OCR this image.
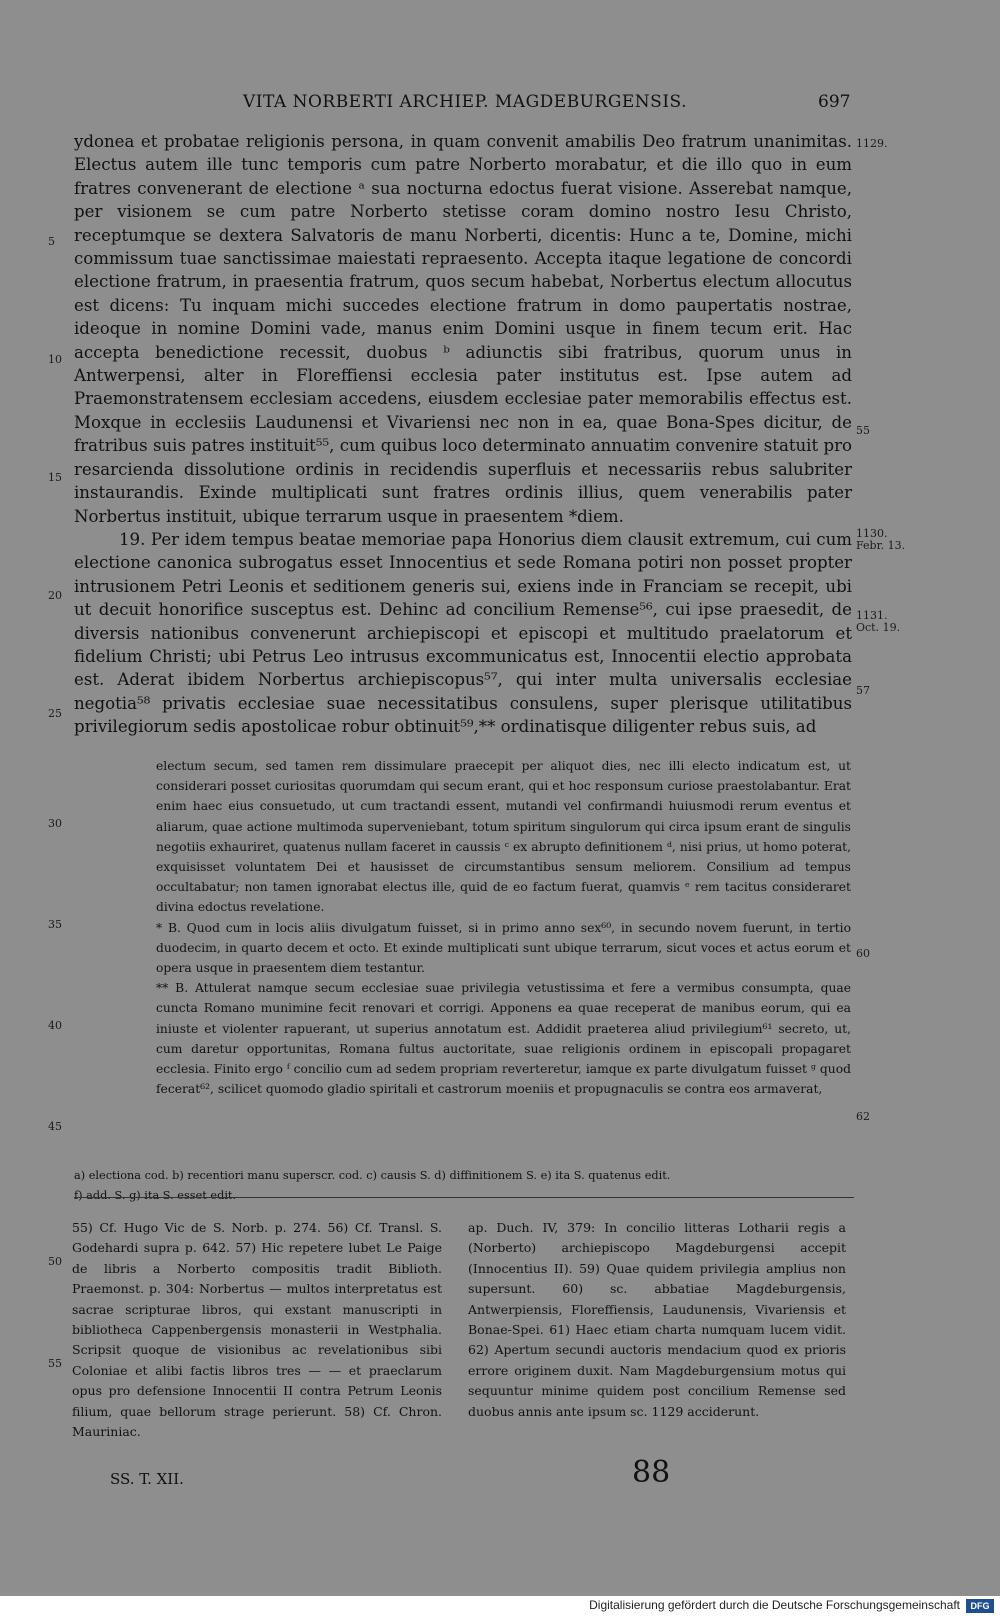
VITA NORBERTI ARCHIEP. MAGDEBURGENSIS.	697

ydonea et probatae religionis persona, in quam convenit amabilis Deo fratrum unanimitas. Electus autem ille tunc temporis cum patre Norberto morabatur, et die illo quo in eum fratres convenerant de electione ᵃ sua nocturna edoctus fuerat visione. Asserebat namque, per visionem se cum patre Norberto stetisse coram domino nostro Iesu Christo, receptumque se dextera Salvatoris de manu Norberti, dicentis: Hunc a te, Domine, michi commissum tuae sanctissimae maiestati repraesento. Accepta itaque legatione de concordi electione fratrum, in praesentia fratrum, quos secum habebat, Norbertus electum allocutus est dicens: Tu inquam michi succedes electione fratrum in domo paupertatis nostrae, ideoque in nomine Domini vade, manus enim Domini usque in finem tecum erit. Hac accepta benedictione recessit, duobus ᵇ adiunctis sibi fratribus, quorum unus in Antwerpensi, alter in Floreffiensi ecclesia pater institutus est. Ipse autem ad Praemonstratensem ecclesiam accedens, eiusdem ecclesiae pater memorabilis effectus est. Moxque in ecclesiis Laudunensi et Vivariensi nec non in ea, quae Bona-Spes dicitur, de fratribus suis patres instituit⁵⁵, cum quibus loco determinato annuatim convenire statuit pro resarcienda dissolutione ordinis in recidendis superfluis et necessariis rebus salubriter instaurandis. Exinde multiplicati sunt fratres ordinis illius, quem venerabilis pater Norbertus instituit, ubique terrarum usque in praesentem *diem.

19. Per idem tempus beatae memoriae papa Honorius diem clausit extremum, cui cum electione canonica subrogatus esset Innocentius et sede Romana potiri non posset propter intrusionem Petri Leonis et seditionem generis sui, exiens inde in Franciam se recepit, ubi ut decuit honorifice susceptus est. Dehinc ad concilium Remense⁵⁶, cui ipse praesedit, de diversis nationibus convenerunt archiepiscopi et episcopi et multitudo praelatorum et fidelium Christi; ubi Petrus Leo intrusus excommunicatus est, Innocentii electio approbata est. Aderat ibidem Norbertus archiepiscopus⁵⁷, qui inter multa universalis ecclesiae negotia⁵⁸ privatis ecclesiae suae necessitatibus consulens, super plerisque utilitatibus privilegiorum sedis apostolicae robur obtinuit⁵⁹,** ordinatisque diligenter rebus suis, ad

1129.
1130.
Febr. 13.
1131.
Oct. 19.
5
10
15
20
25
30
35
40
45
50
55
55
57
60
62

electum secum, sed tamen rem dissimulare praecepit per aliquot dies, nec illi electo indicatum est, ut considerari posset curiositas quorumdam qui secum erant, qui et hoc responsum curiose praestolabantur. Erat enim haec eius consuetudo, ut cum tractandi essent, mutandi vel confirmandi huiusmodi rerum eventus et aliarum, quae actione multimoda superveniebant, totum spiritum singulorum qui circa ipsum erant de singulis negotiis exhauriret, quatenus nullam faceret in caussis ᶜ ex abrupto definitionem ᵈ, nisi prius, ut homo poterat, exquisisset voluntatem Dei et hausisset de circumstantibus sensum meliorem. Consilium ad tempus occultabatur; non tamen ignorabat electus ille, quid de eo factum fuerat, quamvis ᵉ rem tacitus consideraret divina edoctus revelatione.

* B. Quod cum in locis aliis divulgatum fuisset, si in primo anno sex⁶⁰, in secundo novem fuerunt, in tertio duodecim, in quarto decem et octo. Et exinde multiplicati sunt ubique terrarum, sicut voces et actus eorum et opera usque in praesentem diem testantur.

** B. Attulerat namque secum ecclesiae suae privilegia vetustissima et fere a vermibus consumpta, quae cuncta Romano munimine fecit renovari et corrigi. Apponens ea quae receperat de manibus eorum, qui ea iniuste et violenter rapuerant, ut superius annotatum est. Addidit praeterea aliud privilegium⁶¹ secreto, ut, cum daretur opportunitas, Romana fultus auctoritate, suae religionis ordinem in episcopali propagaret ecclesia. Finito ergo ᶠ concilio cum ad sedem propriam reverteretur, iamque ex parte divulgatum fuisset ᵍ quod fecerat⁶², scilicet quomodo gladio spiritali et castrorum moeniis et propugnaculis se contra eos armaverat,

a) electiona cod. b) recentiori manu superscr. cod. c) causis S. d) diffinitionem S. e) ita S. quatenus edit.
f) add. S. g) ita S. esset edit.
55) Cf. Hugo Vic de S. Norb. p. 274. 56) Cf. Transl. S. Godehardi supra p. 642. 57) Hic repetere lubet Le Paige de libris a Norberto compositis tradit Biblioth. Praemonst. p. 304: Norbertus — multos interpretatus est sacrae scripturae libros, qui exstant manuscripti in bibliotheca Cappenbergensis monasterii in Westphalia. Scripsit quoque de visionibus ac revelationibus sibi Coloniae et alibi factis libros tres — — et praeclarum opus pro defensione Innocentii II contra Petrum Leonis filium, quae bellorum strage perierunt. 58) Cf. Chron. Mauriniac.
ap. Duch. IV, 379: In concilio litteras Lotharii regis a (Norberto) archiepiscopo Magdeburgensi accepit (Innocentius II). 59) Quae quidem privilegia amplius non supersunt. 60) sc. abbatiae Magdeburgensis, Antwerpiensis, Floreffiensis, Laudunensis, Vivariensis et Bonae-Spei. 61) Haec etiam charta numquam lucem vidit. 62) Apertum secundi auctoris mendacium quod ex prioris errore originem duxit. Nam Magdeburgensium motus qui sequuntur minime quidem post concilium Remense sed duobus annis ante ipsum sc. 1129 acciderunt.
SS. T. XII.	88
Digitalisierung gefördert durch die Deutsche Forschungsgemeinschaft	DFG
